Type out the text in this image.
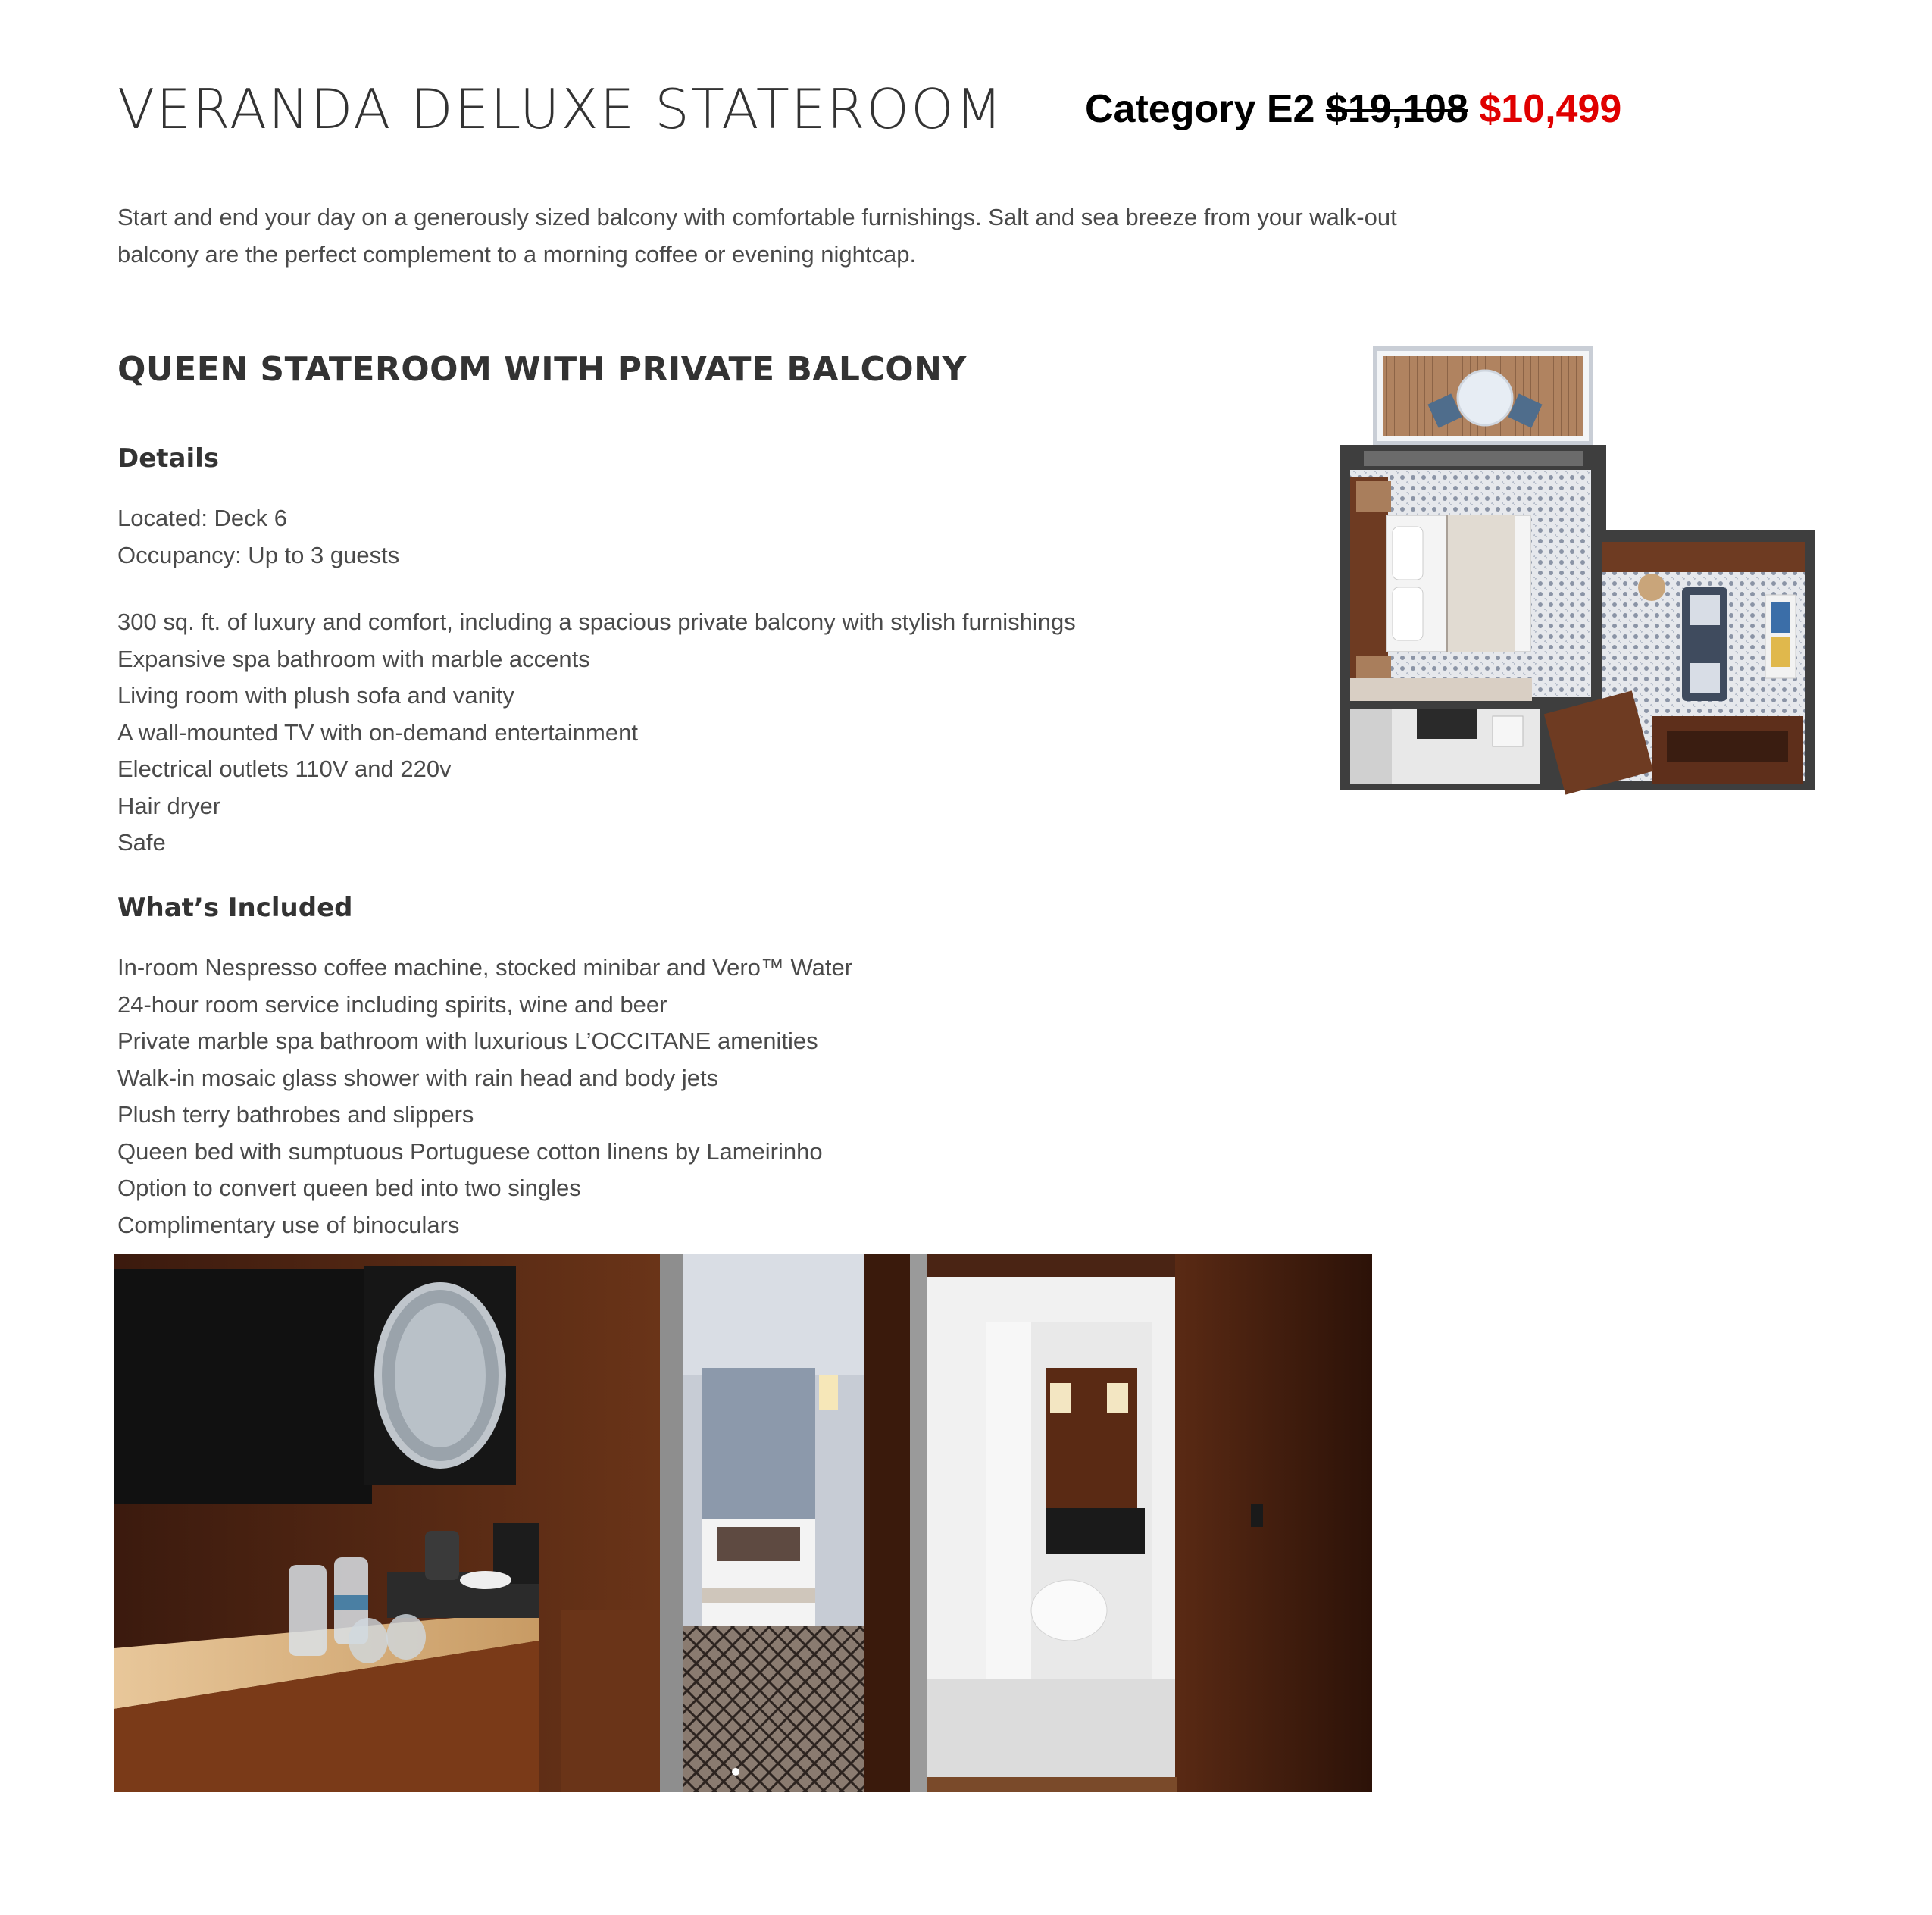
VERANDA DELUXE STATEROOM Category E2 $19,108 $10,499

Start and end your day on a generously sized balcony with comfortable furnishings. Salt and sea breeze from your walk-out balcony are the perfect complement to a morning coffee or evening nightcap.

QUEEN STATEROOM WITH PRIVATE BALCONY
Details
Located: Deck 6
Occupancy: Up to 3 guests
300 sq. ft. of luxury and comfort, including a spacious private balcony with stylish furnishings
Expansive spa bathroom with marble accents
Living room with plush sofa and vanity
A wall-mounted TV with on-demand entertainment
Electrical outlets 110V and 220v
Hair dryer
Safe
What’s Included
In-room Nespresso coffee machine, stocked minibar and Vero™ Water
24-hour room service including spirits, wine and beer
Private marble spa bathroom with luxurious L’OCCITANE amenities
Walk-in mosaic glass shower with rain head and body jets
Plush terry bathrobes and slippers
Queen bed with sumptuous Portuguese cotton linens by Lameirinho
Option to convert queen bed into two singles
Complimentary use of binoculars
